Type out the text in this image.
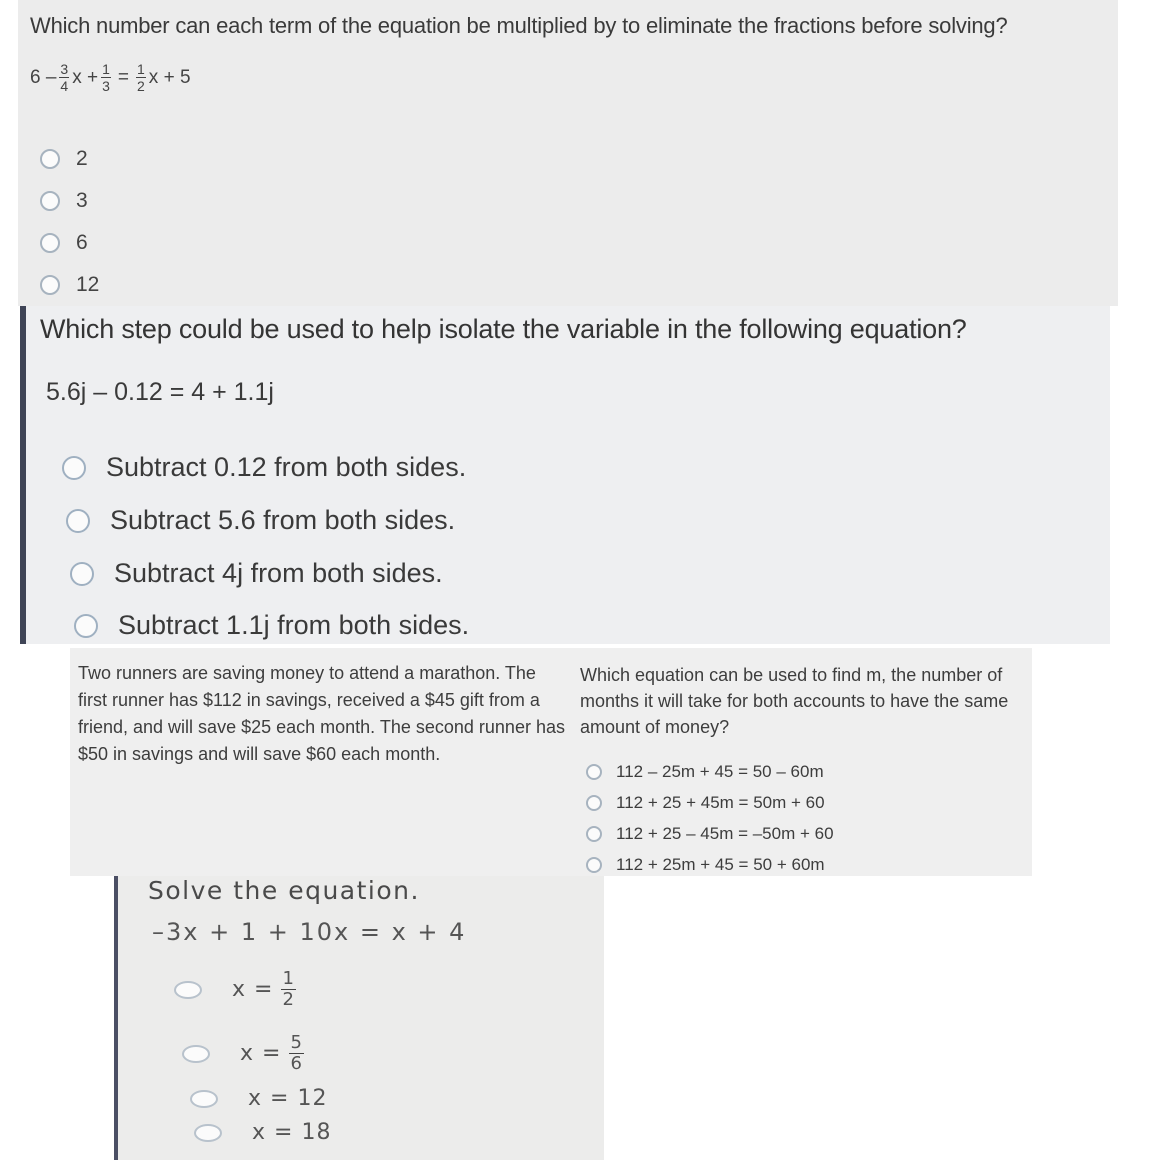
Which number can each term of the equation be multiplied by to eliminate the fractions before solving?
$6 - \frac{3}{4}$ $x + \frac{1}{3} = \frac{1}{2}$ x + 5
2
3
6
12
Which step could be used to help isolate the variable in the following equation?
5.6j – 0.12 = 4 + 1.1j
Subtract 0.12 from both sides.
Subtract 5.6 from both sides.
Subtract 4j from both sides.
Subtract 1.1j from both sides.
Two runners are saving money to attend a marathon. The first runner has $112 in savings, received a $45 gift from a friend, and will save $25 each month. The second runner has $50 in savings and will save $60 each month.
Which equation can be used to find m, the number of months it will take for both accounts to have the same amount of money?
112 – 25m + 45 = 50 – 60m
112 + 25 + 45m = 50m + 60
112 + 25 – 45m = –50m + 60
112 + 25m + 45 = 50 + 60m
Solve the equation.
–3x + 1 + 10x = x + 4
$x = \frac{1}{2}$
$x = \frac{5}{6}$
x = 12
x = 18
